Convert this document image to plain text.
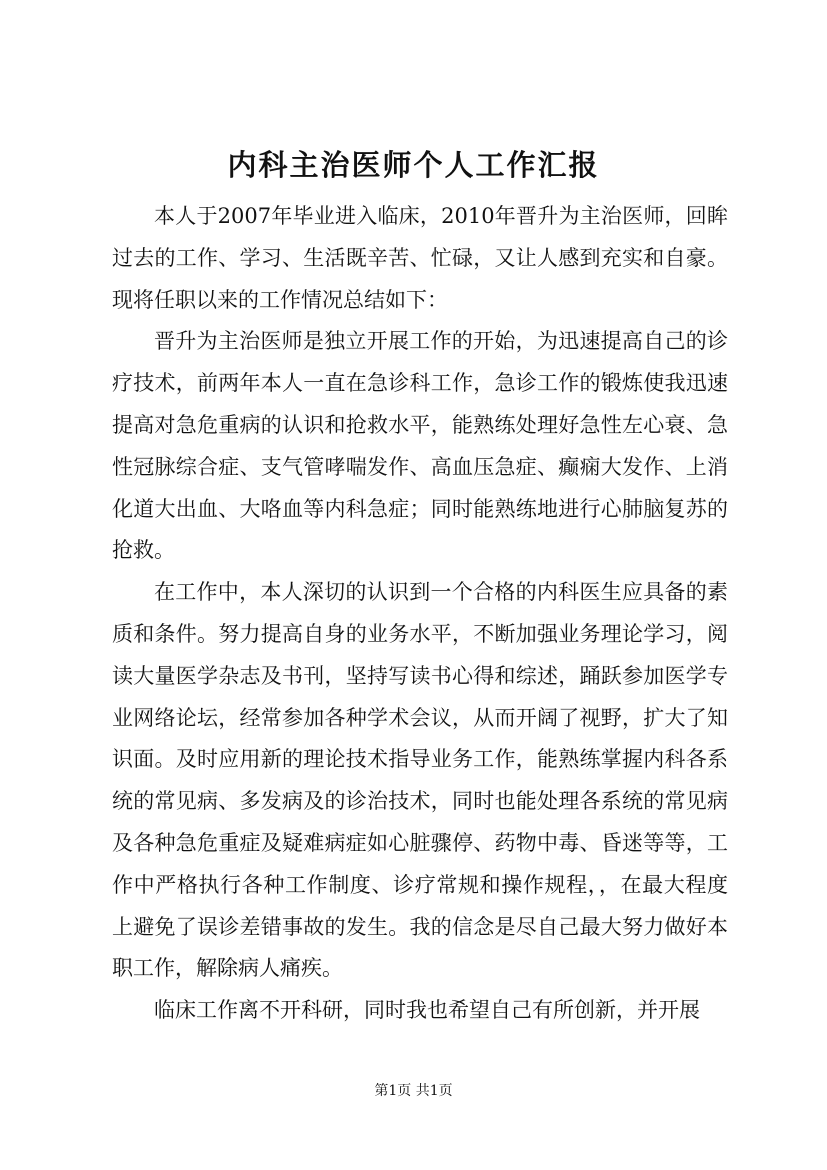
内科主治医师个人工作汇报

本人于2007年毕业进入临床，2010年晋升为主治医师，回眸过去的工作、学习、生活既辛苦、忙碌，又让人感到充实和自豪。现将任职以来的工作情况总结如下：

晋升为主治医师是独立开展工作的开始，为迅速提高自己的诊疗技术，前两年本人一直在急诊科工作，急诊工作的锻炼使我迅速提高对急危重病的认识和抢救水平，能熟练处理好急性左心衰、急性冠脉综合症、支气管哮喘发作、高血压急症、癫痫大发作、上消化道大出血、大咯血等内科急症；同时能熟练地进行心肺脑复苏的抢救。

在工作中，本人深切的认识到一个合格的内科医生应具备的素质和条件。努力提高自身的业务水平，不断加强业务理论学习，阅读大量医学杂志及书刊，坚持写读书心得和综述，踊跃参加医学专业网络论坛，经常参加各种学术会议，从而开阔了视野，扩大了知识面。及时应用新的理论技术指导业务工作，能熟练掌握内科各系统的常见病、多发病及的诊治技术，同时也能处理各系统的常见病及各种急危重症及疑难病症如心脏骤停、药物中毒、昏迷等等，工作中严格执行各种工作制度、诊疗常规和操作规程，，在最大程度上避免了误诊差错事故的发生。我的信念是尽自己最大努力做好本职工作，解除病人痛疾。

临床工作离不开科研，同时我也希望自己有所创新，并开展

第1页 共1页
